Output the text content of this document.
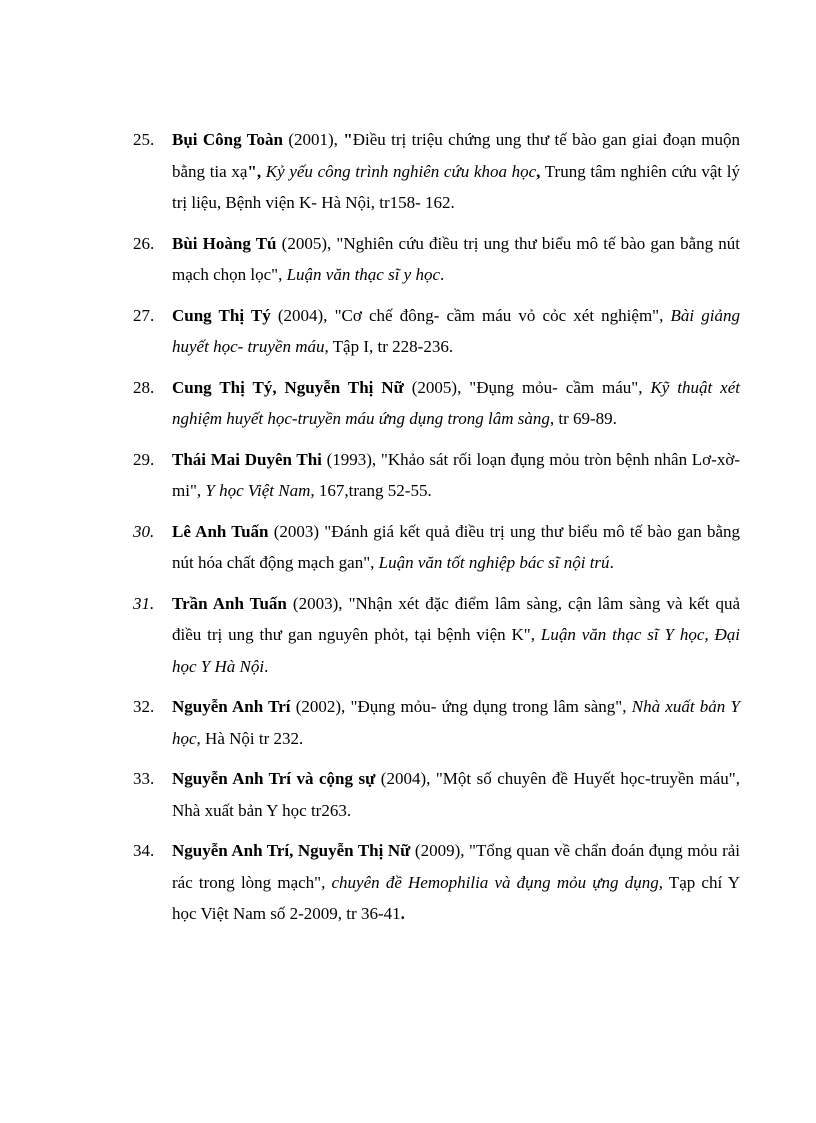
25.	Bụi Công Toàn (2001), "Điều trị triệu chứng ung thư tế bào gan giai đoạn muộn bằng tia xạ", Kỷ yếu công trình nghiên cứu khoa học, Trung tâm nghiên cứu vật lý trị liệu, Bệnh viện K- Hà Nội, tr158- 162.
26.	Bùi Hoàng Tú (2005), "Nghiên cứu điều trị ung thư biểu mô tế bào gan bằng nút mạch chọn lọc", Luận văn thạc sĩ y học.
27.	Cung Thị Tý (2004), "Cơ chế đông- cầm máu vỏ cỏc xét nghiệm", Bài giảng huyết học- truyền máu, Tập I, tr 228-236.
28.	Cung Thị Tý, Nguyễn Thị Nữ (2005), "Đụng mỏu- cầm máu", Kỹ thuật xét nghiệm huyết học-truyền máu ứng dụng trong lâm sàng, tr 69-89.
29.	Thái Mai Duyên Thi (1993), "Khảo sát rối loạn đụng mỏu tròn bệnh nhân Lơ-xờ-mi", Y học Việt Nam, 167,trang 52-55.
30.	Lê Anh Tuấn (2003) "Đánh giá kết quả điều trị ung thư biểu mô tế bào gan bằng nút hóa chất động mạch gan", Luận văn tốt nghiệp bác sĩ nội trú.
31.	Trần Anh Tuấn (2003), "Nhận xét đặc điểm lâm sàng, cận lâm sàng và kết quả điều trị ung thư gan nguyên phỏt, tại bệnh viện K", Luận văn thạc sĩ Y học, Đại học Y Hà Nội.
32.	Nguyễn Anh Trí (2002), "Đụng mỏu- ứng dụng trong lâm sàng", Nhà xuất bản Y học, Hà Nội tr 232.
33.	Nguyễn Anh Trí và cộng sự (2004), "Một số chuyên đề Huyết học-truyền máu", Nhà xuất bản Y học tr263.
34.	Nguyễn Anh Trí, Nguyễn Thị Nữ (2009), "Tổng quan về chẩn đoán đụng mỏu rải rác trong lòng mạch", chuyên đề Hemophilia và đụng mỏu ựng dụng, Tạp chí Y học Việt Nam số 2-2009, tr 36-41.
